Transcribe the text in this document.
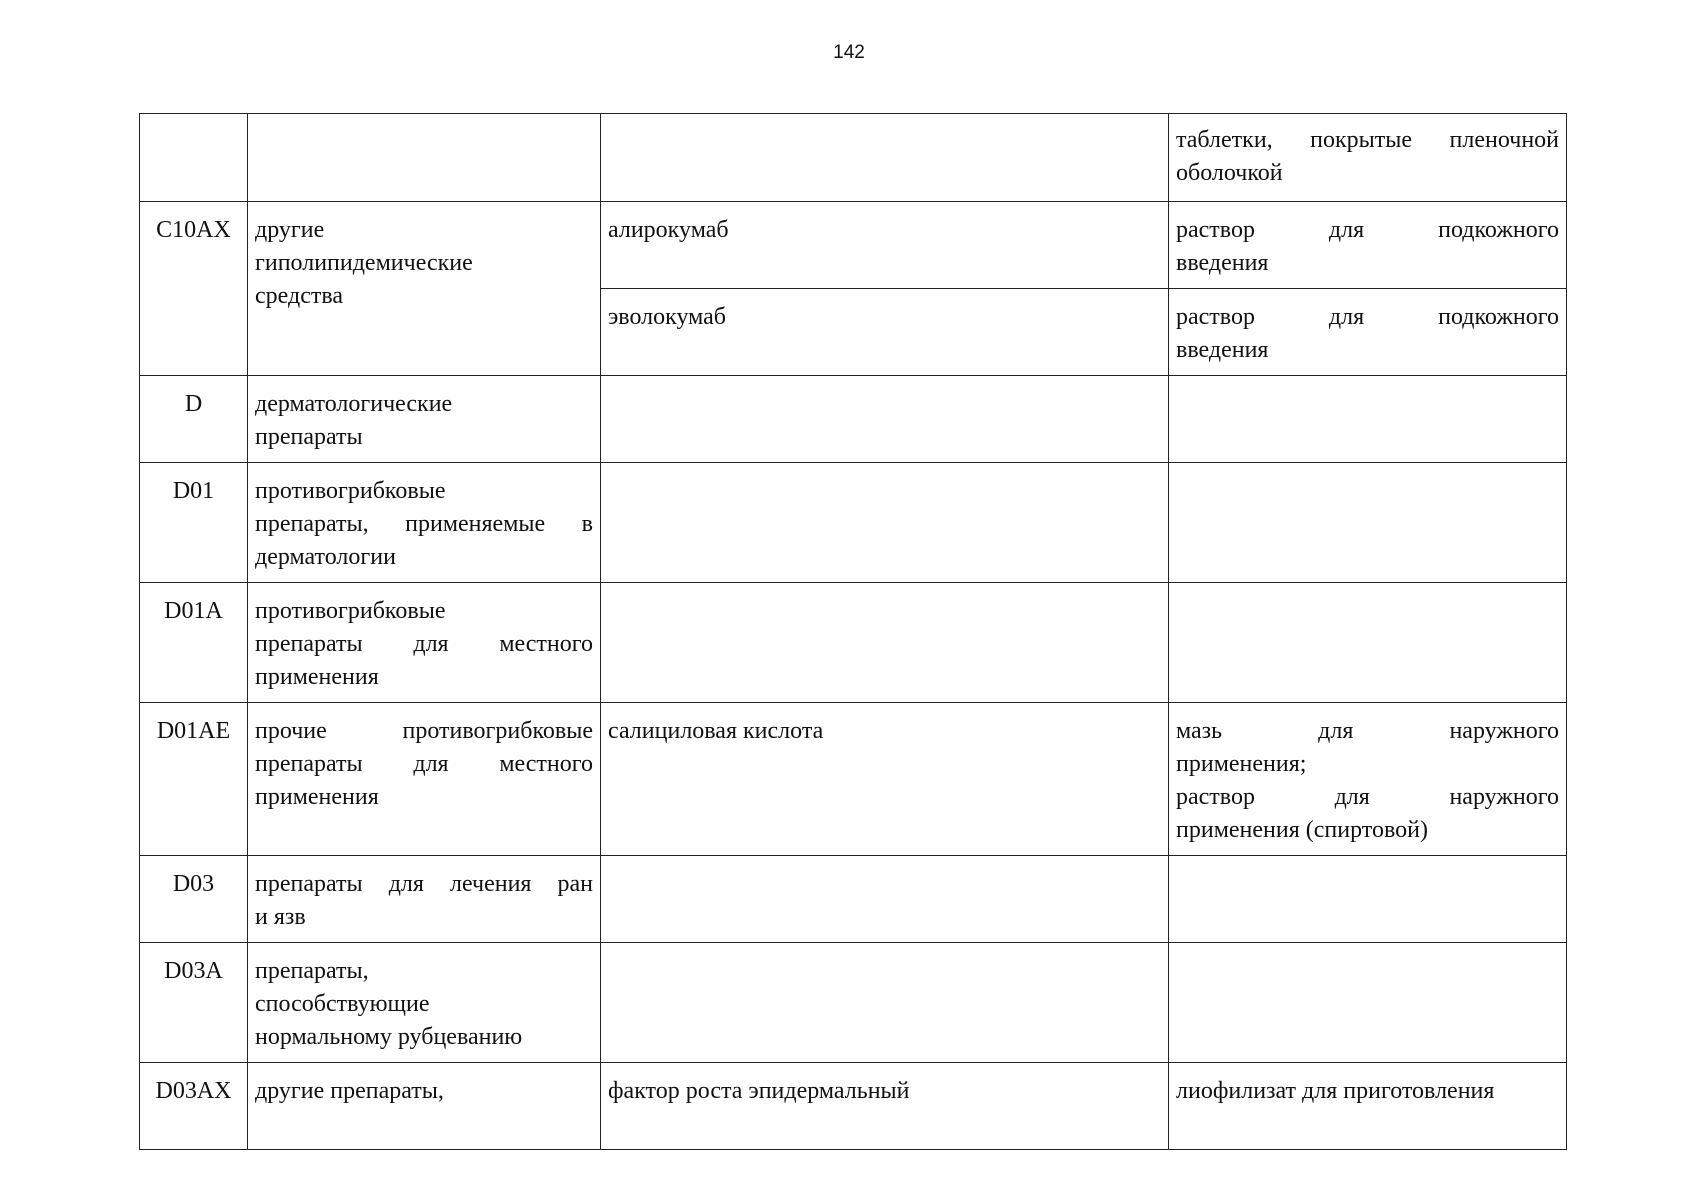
142

			таблетки, покрытые пленочной
оболочкой

C10AX	другие
гиполипидемические
средства	алирокумаб	раствор для подкожного
введения

		эволокумаб	раствор для подкожного
введения

D	дерматологические
препараты		

D01	противогрибковые
препараты, применяемые в
дерматологии		

D01A	противогрибковые
препараты для местного
применения		

D01AE	прочие противогрибковые
препараты для местного
применения	салициловая кислота	мазь для наружного
применения;
раствор для наружного
применения (спиртовой)

D03	препараты для лечения ран
и язв		

D03A	препараты,
способствующие
нормальному рубцеванию		

D03AX	другие препараты,	фактор роста эпидермальный	лиофилизат для приготовления
